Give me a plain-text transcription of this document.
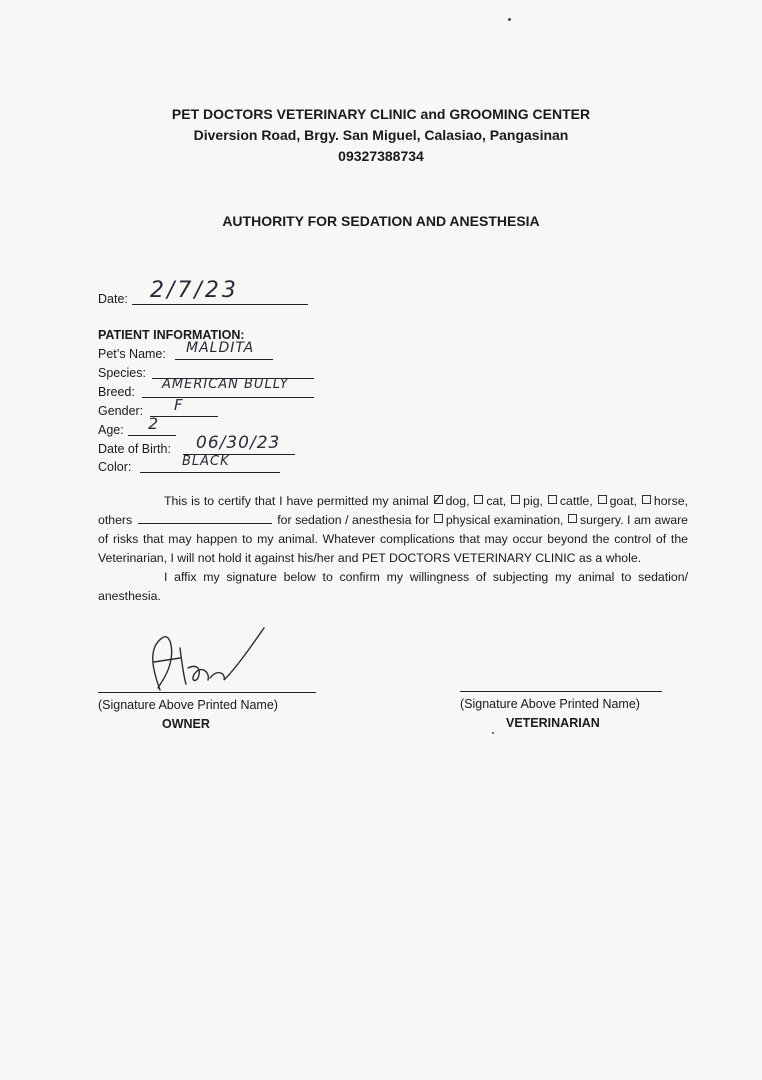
PET DOCTORS VETERINARY CLINIC and GROOMING CENTER
Diversion Road, Brgy. San Miguel, Calasiao, Pangasinan
09327388734
AUTHORITY FOR SEDATION AND ANESTHESIA
Date: 2/7/23
PATIENT INFORMATION:
Pet’s Name: MALDITA
Species:
Breed: AMERICAN BULLY
Gender: F
Age: 2
Date of Birth: 06/30/23
Color:	BLACK
This is to certify that I have permitted my animal ✓ dog, cat, pig, cattle, goat, horse, others	for sedation / anesthesia for physical examination, surgery. I am aware of risks that may happen to my animal. Whatever complications that may occur beyond the control of the Veterinarian, I will not hold it against his/her and PET DOCTORS VETERINARY CLINIC as a whole.
I affix my signature below to confirm my willingness of subjecting my animal to sedation/ anesthesia.
(Signature Above Printed Name)
OWNER
(Signature Above Printed Name)
VETERINARIAN
